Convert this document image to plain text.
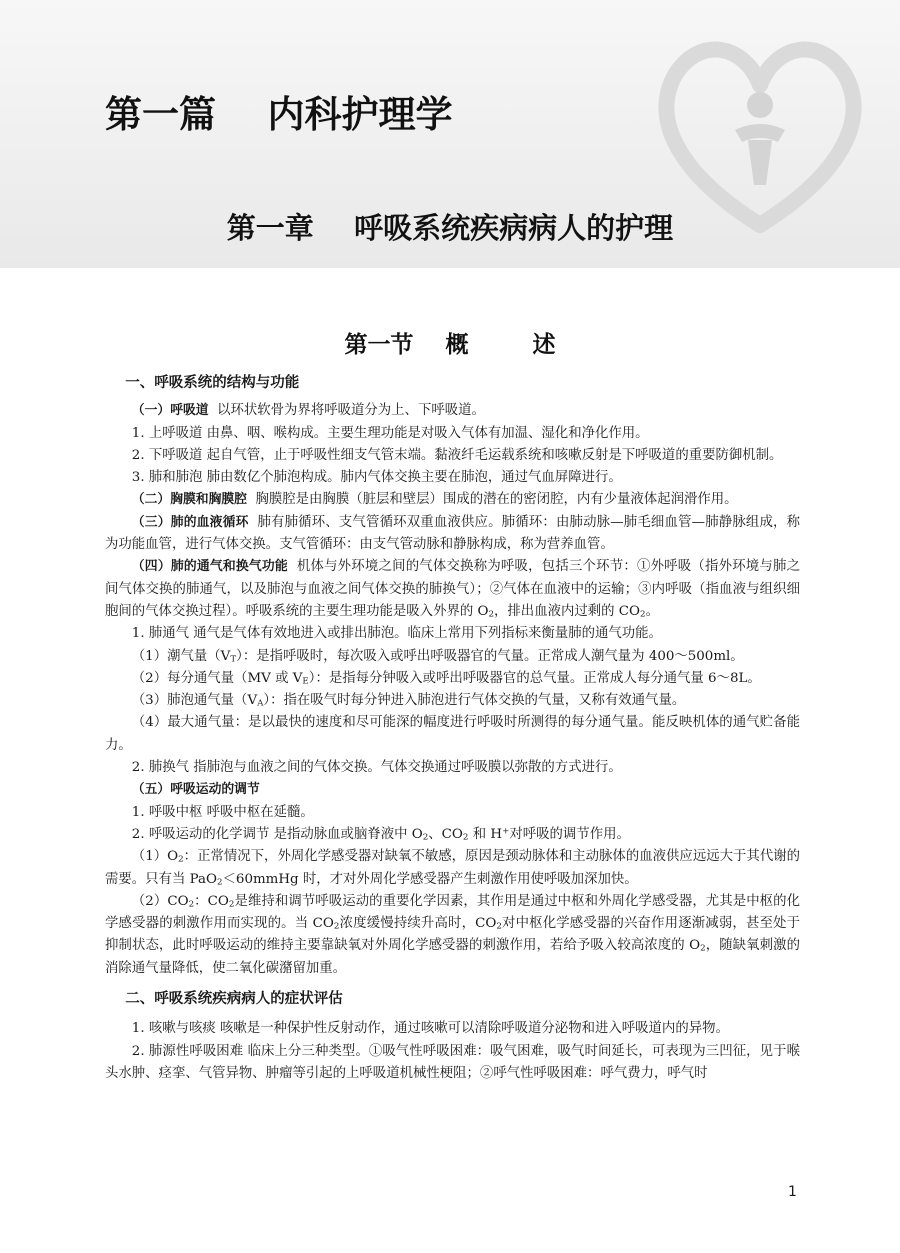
第一篇    内科护理学
第一章    呼吸系统疾病病人的护理
第一节    概        述
一、呼吸系统的结构与功能

（一）呼吸道 以环状软骨为界将呼吸道分为上、下呼吸道。

1. 上呼吸道 由鼻、咽、喉构成。主要生理功能是对吸入气体有加温、湿化和净化作用。

2. 下呼吸道 起自气管，止于呼吸性细支气管末端。黏液纤毛运载系统和咳嗽反射是下呼吸道的重要防御机制。

3. 肺和肺泡 肺由数亿个肺泡构成。肺内气体交换主要在肺泡，通过气血屏障进行。

（二）胸膜和胸膜腔 胸膜腔是由胸膜（脏层和壁层）围成的潜在的密闭腔，内有少量液体起润滑作用。

（三）肺的血液循环 肺有肺循环、支气管循环双重血液供应。肺循环：由肺动脉—肺毛细血管—肺静脉组成，称为功能血管，进行气体交换。支气管循环：由支气管动脉和静脉构成，称为营养血管。

（四）肺的通气和换气功能 机体与外环境之间的气体交换称为呼吸，包括三个环节：①外呼吸（指外环境与肺之间气体交换的肺通气，以及肺泡与血液之间气体交换的肺换气）；②气体在血液中的运输；③内呼吸（指血液与组织细胞间的气体交换过程）。呼吸系统的主要生理功能是吸入外界的 $O_2$，排出血液内过剩的 $CO_2$。

1. 肺通气 通气是气体有效地进入或排出肺泡。临床上常用下列指标来衡量肺的通气功能。

（1）潮气量$(V_T)$：是指呼吸时，每次吸入或呼出呼吸器官的气量。正常成人潮气量为 400～500ml。

（2）每分通气量（MV 或 $V_E$）：是指每分钟吸入或呼出呼吸器官的总气量。正常成人每分通气量 6～8L。

（3）肺泡通气量$(V_A)$：指在吸气时每分钟进入肺泡进行气体交换的气量，又称有效通气量。

（4）最大通气量：是以最快的速度和尽可能深的幅度进行呼吸时所测得的每分通气量。能反映机体的通气贮备能力。

2. 肺换气 指肺泡与血液之间的气体交换。气体交换通过呼吸膜以弥散的方式进行。

（五）呼吸运动的调节

1. 呼吸中枢 呼吸中枢在延髓。

2. 呼吸运动的化学调节 是指动脉血或脑脊液中 $O_2$、$CO_2$ 和 H+对呼吸的调节作用。

$(1)O_2$：正常情况下，外周化学感受器对缺氧不敏感，原因是颈动脉体和主动脉体的血液供应远远大于其代谢的需要。只有当 PaO$_2$＜60mmHg 时，才对外周化学感受器产生刺激作用使呼吸加深加快。

$(2)CO_2$：$CO_2$是维持和调节呼吸运动的重要化学因素，其作用是通过中枢和外周化学感受器，尤其是中枢的化学感受器的刺激作用而实现的。当 $CO_2$浓度缓慢持续升高时，$CO_2$对中枢化学感受器的兴奋作用逐渐减弱，甚至处于抑制状态，此时呼吸运动的维持主要靠缺氧对外周化学感受器的刺激作用，若给予吸入较高浓度的 $O_2$，随缺氧刺激的消除通气量降低，使二氧化碳潴留加重。

二、呼吸系统疾病病人的症状评估

1. 咳嗽与咳痰 咳嗽是一种保护性反射动作，通过咳嗽可以清除呼吸道分泌物和进入呼吸道内的异物。

2. 肺源性呼吸困难 临床上分三种类型。①吸气性呼吸困难：吸气困难，吸气时间延长，可表现为三凹征，见于喉头水肿、痉挛、气管异物、肿瘤等引起的上呼吸道机械性梗阻；②呼气性呼吸困难：呼气费力，呼气时

1
